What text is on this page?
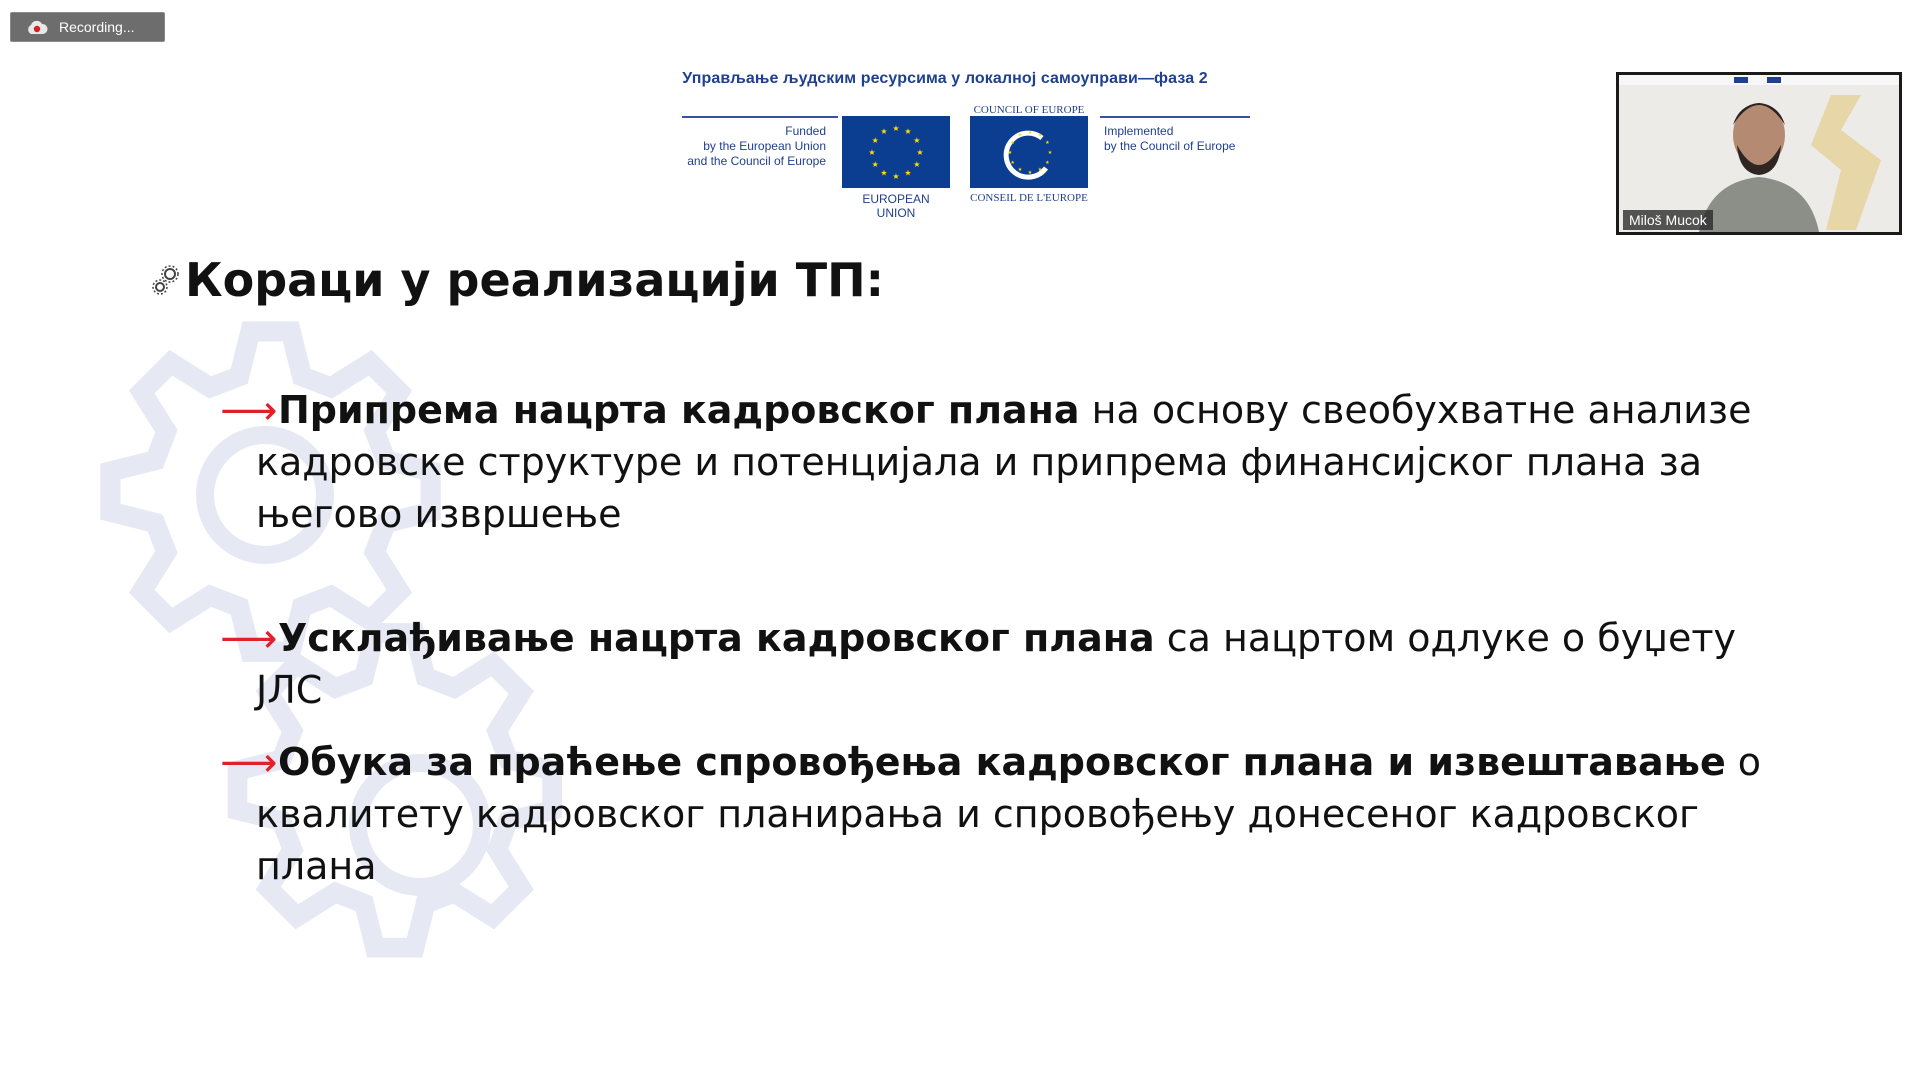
Recording...
Управљање људским ресурсима у локалној самоуправи—фаза 2
Funded
by the European Union
and the Council of Europe
★ ★
★
★
★
★
★
★
★
★
★
★
EUROPEAN UNION
COUNCIL OF EUROPE
★ ★
★
★
★
★
★
★
★
★
★
★
CONSEIL DE L'EUROPE
Implemented
by the Council of Europe
Miloš Mucok
Кораци у реализацији ТП:
⟶ Припрема нацрта кадровског плана на основу свеобухватне анализе кадровске структуре и потенцијала и припрема финансијског плана за његово извршење
⟶ Усклађивање нацрта кадровског плана са нацртом одлуке о буџету ЈЛС
⟶ Обука за праћење спровођења кадровског плана и извештавање о квалитету кадровског планирања и спровођењу донесеног кадровског плана
